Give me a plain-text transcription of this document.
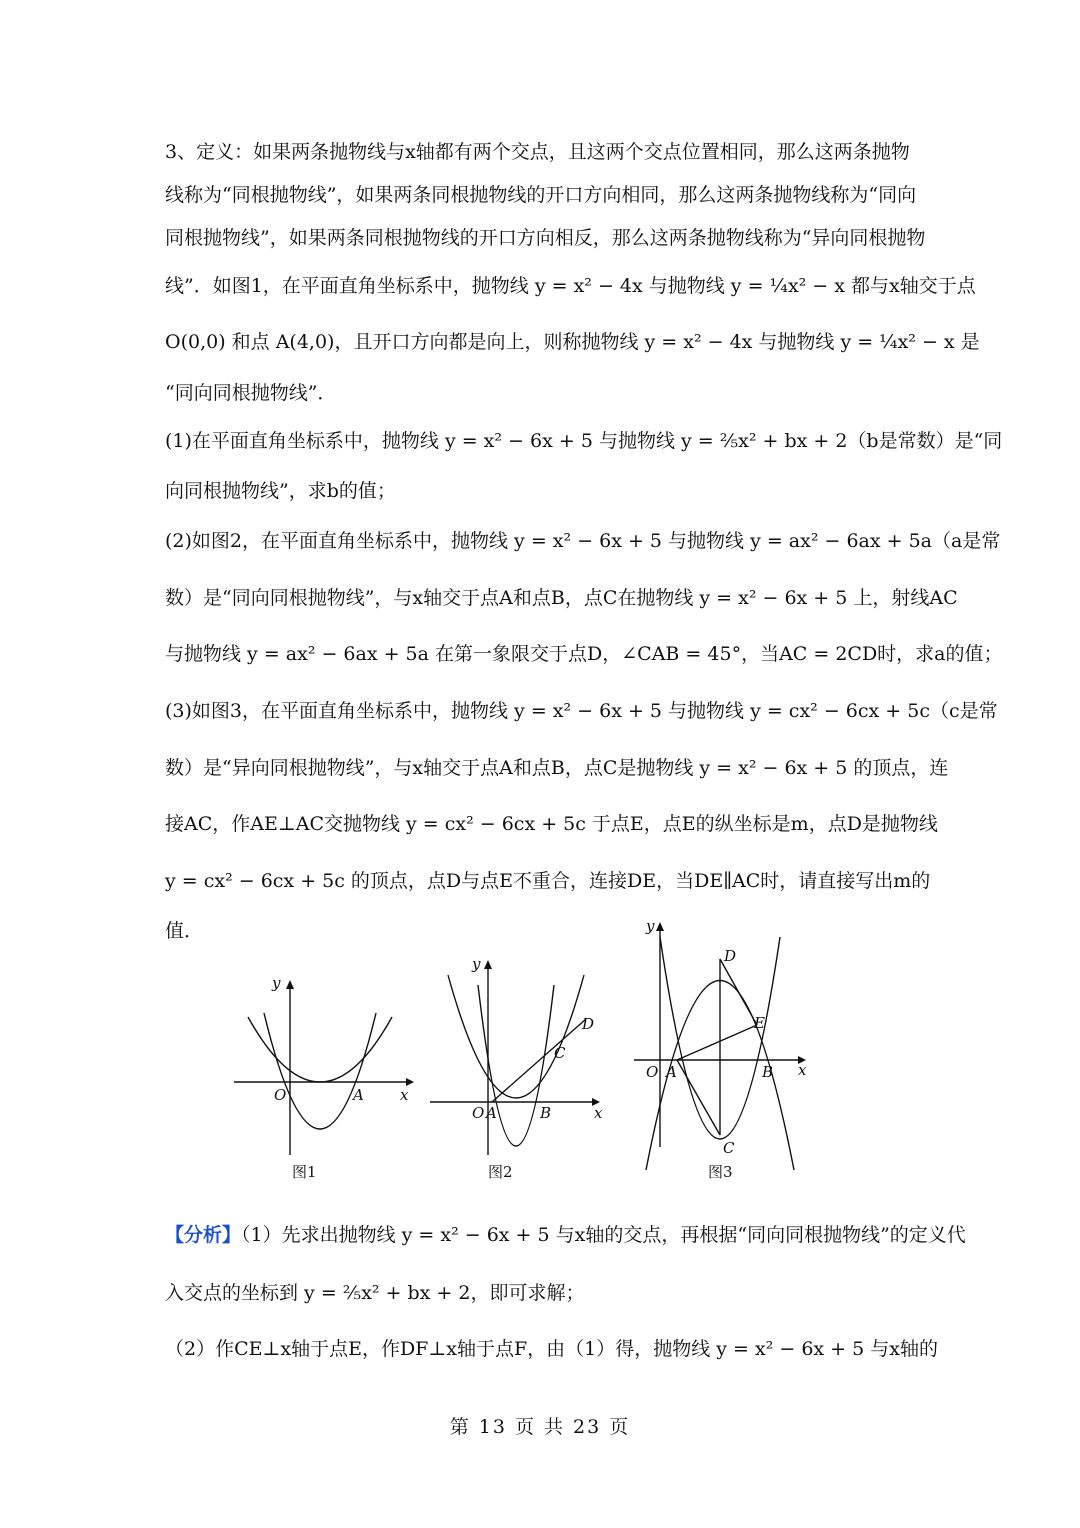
3、定义：如果两条抛物线与x轴都有两个交点，且这两个交点位置相同，那么这两条抛物
线称为“同根抛物线”，如果两条同根抛物线的开口方向相同，那么这两条抛物线称为“同向
同根抛物线”，如果两条同根抛物线的开口方向相反，那么这两条抛物线称为“异向同根抛物
线”．如图1，在平面直角坐标系中，抛物线 y = x² − 4x 与抛物线 y = ¼x² − x 都与x轴交于点
O(0,0) 和点 A(4,0)，且开口方向都是向上，则称抛物线 y = x² − 4x 与抛物线 y = ¼x² − x 是
“同向同根抛物线”．
(1)在平面直角坐标系中，抛物线 y = x² − 6x + 5 与抛物线 y = ⅖x² + bx + 2（b是常数）是“同
向同根抛物线”，求b的值；
(2)如图2，在平面直角坐标系中，抛物线 y = x² − 6x + 5 与抛物线 y = ax² − 6ax + 5a（a是常
数）是“同向同根抛物线”，与x轴交于点A和点B，点C在抛物线 y = x² − 6x + 5 上，射线AC
与抛物线 y = ax² − 6ax + 5a 在第一象限交于点D，∠CAB = 45°，当AC = 2CD时，求a的值；
(3)如图3，在平面直角坐标系中，抛物线 y = x² − 6x + 5 与抛物线 y = cx² − 6cx + 5c（c是常
数）是“异向同根抛物线”，与x轴交于点A和点B，点C是抛物线 y = x² − 6x + 5 的顶点，连
接AC，作AE⊥AC交抛物线 y = cx² − 6cx + 5c 于点E，点E的纵坐标是m，点D是抛物线
y = cx² − 6cx + 5c 的顶点，点D与点E不重合，连接DE，当DE∥AC时，请直接写出m的
值．
y
x
O	A
图1
y
x
O A	B
C
D
图2
y
x
O A	B
C
D
E
图3
【分析】（1）先求出抛物线 y = x² − 6x + 5 与x轴的交点，再根据“同向同根抛物线”的定义代
入交点的坐标到 y = ⅖x² + bx + 2，即可求解；
（2）作CE⊥x轴于点E，作DF⊥x轴于点F，由（1）得，抛物线 y = x² − 6x + 5 与x轴的
第 13 页 共 23 页
